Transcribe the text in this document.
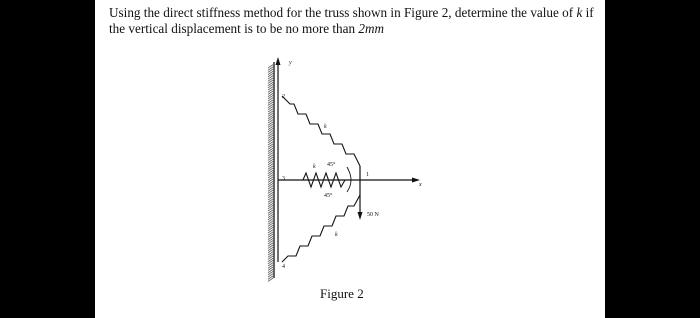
Using the direct stiffness method for the truss shown in Figure 2, determine the value of k if the vertical displacement is to be no more than 2mm
y
x
50 N
1
2
3
4
k
k
k
45°
45°
Figure 2
